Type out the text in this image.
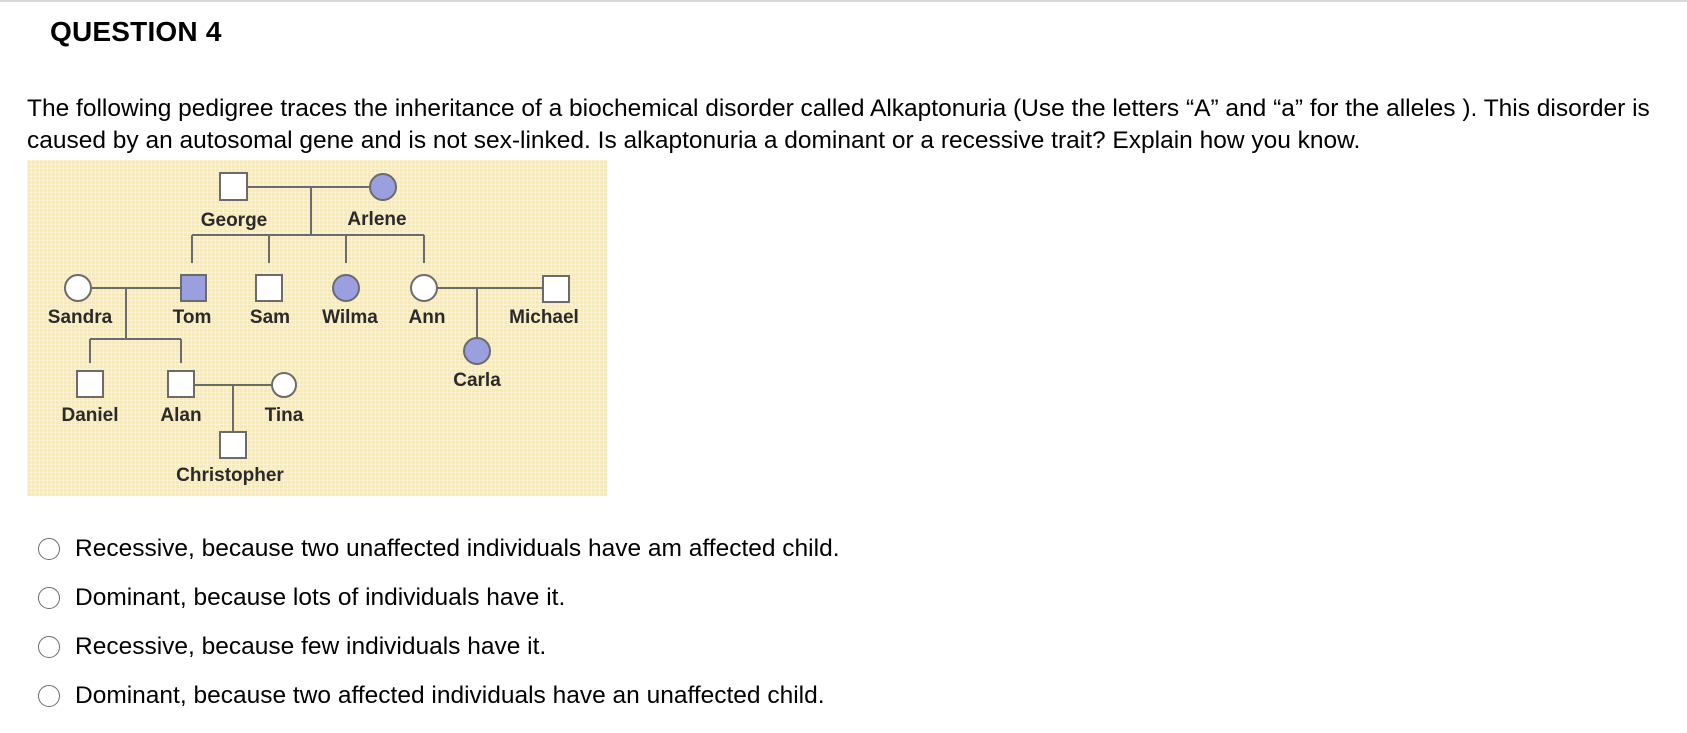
QUESTION 4
The following pedigree traces the inheritance of a biochemical disorder called Alkaptonuria (Use the letters “A” and “a” for the alleles ). This disorder is caused by an autosomal gene and is not sex-linked. Is alkaptonuria a dominant or a recessive trait? Explain how you know.
George	Arlene
Sandra	Tom Sam Wilma Ann	Michael
Daniel Alan	Tina
Carla
Christopher
Recessive, because two unaffected individuals have am affected child.
Dominant, because lots of individuals have it.
Recessive, because few individuals have it.
Dominant, because two affected individuals have an unaffected child.
